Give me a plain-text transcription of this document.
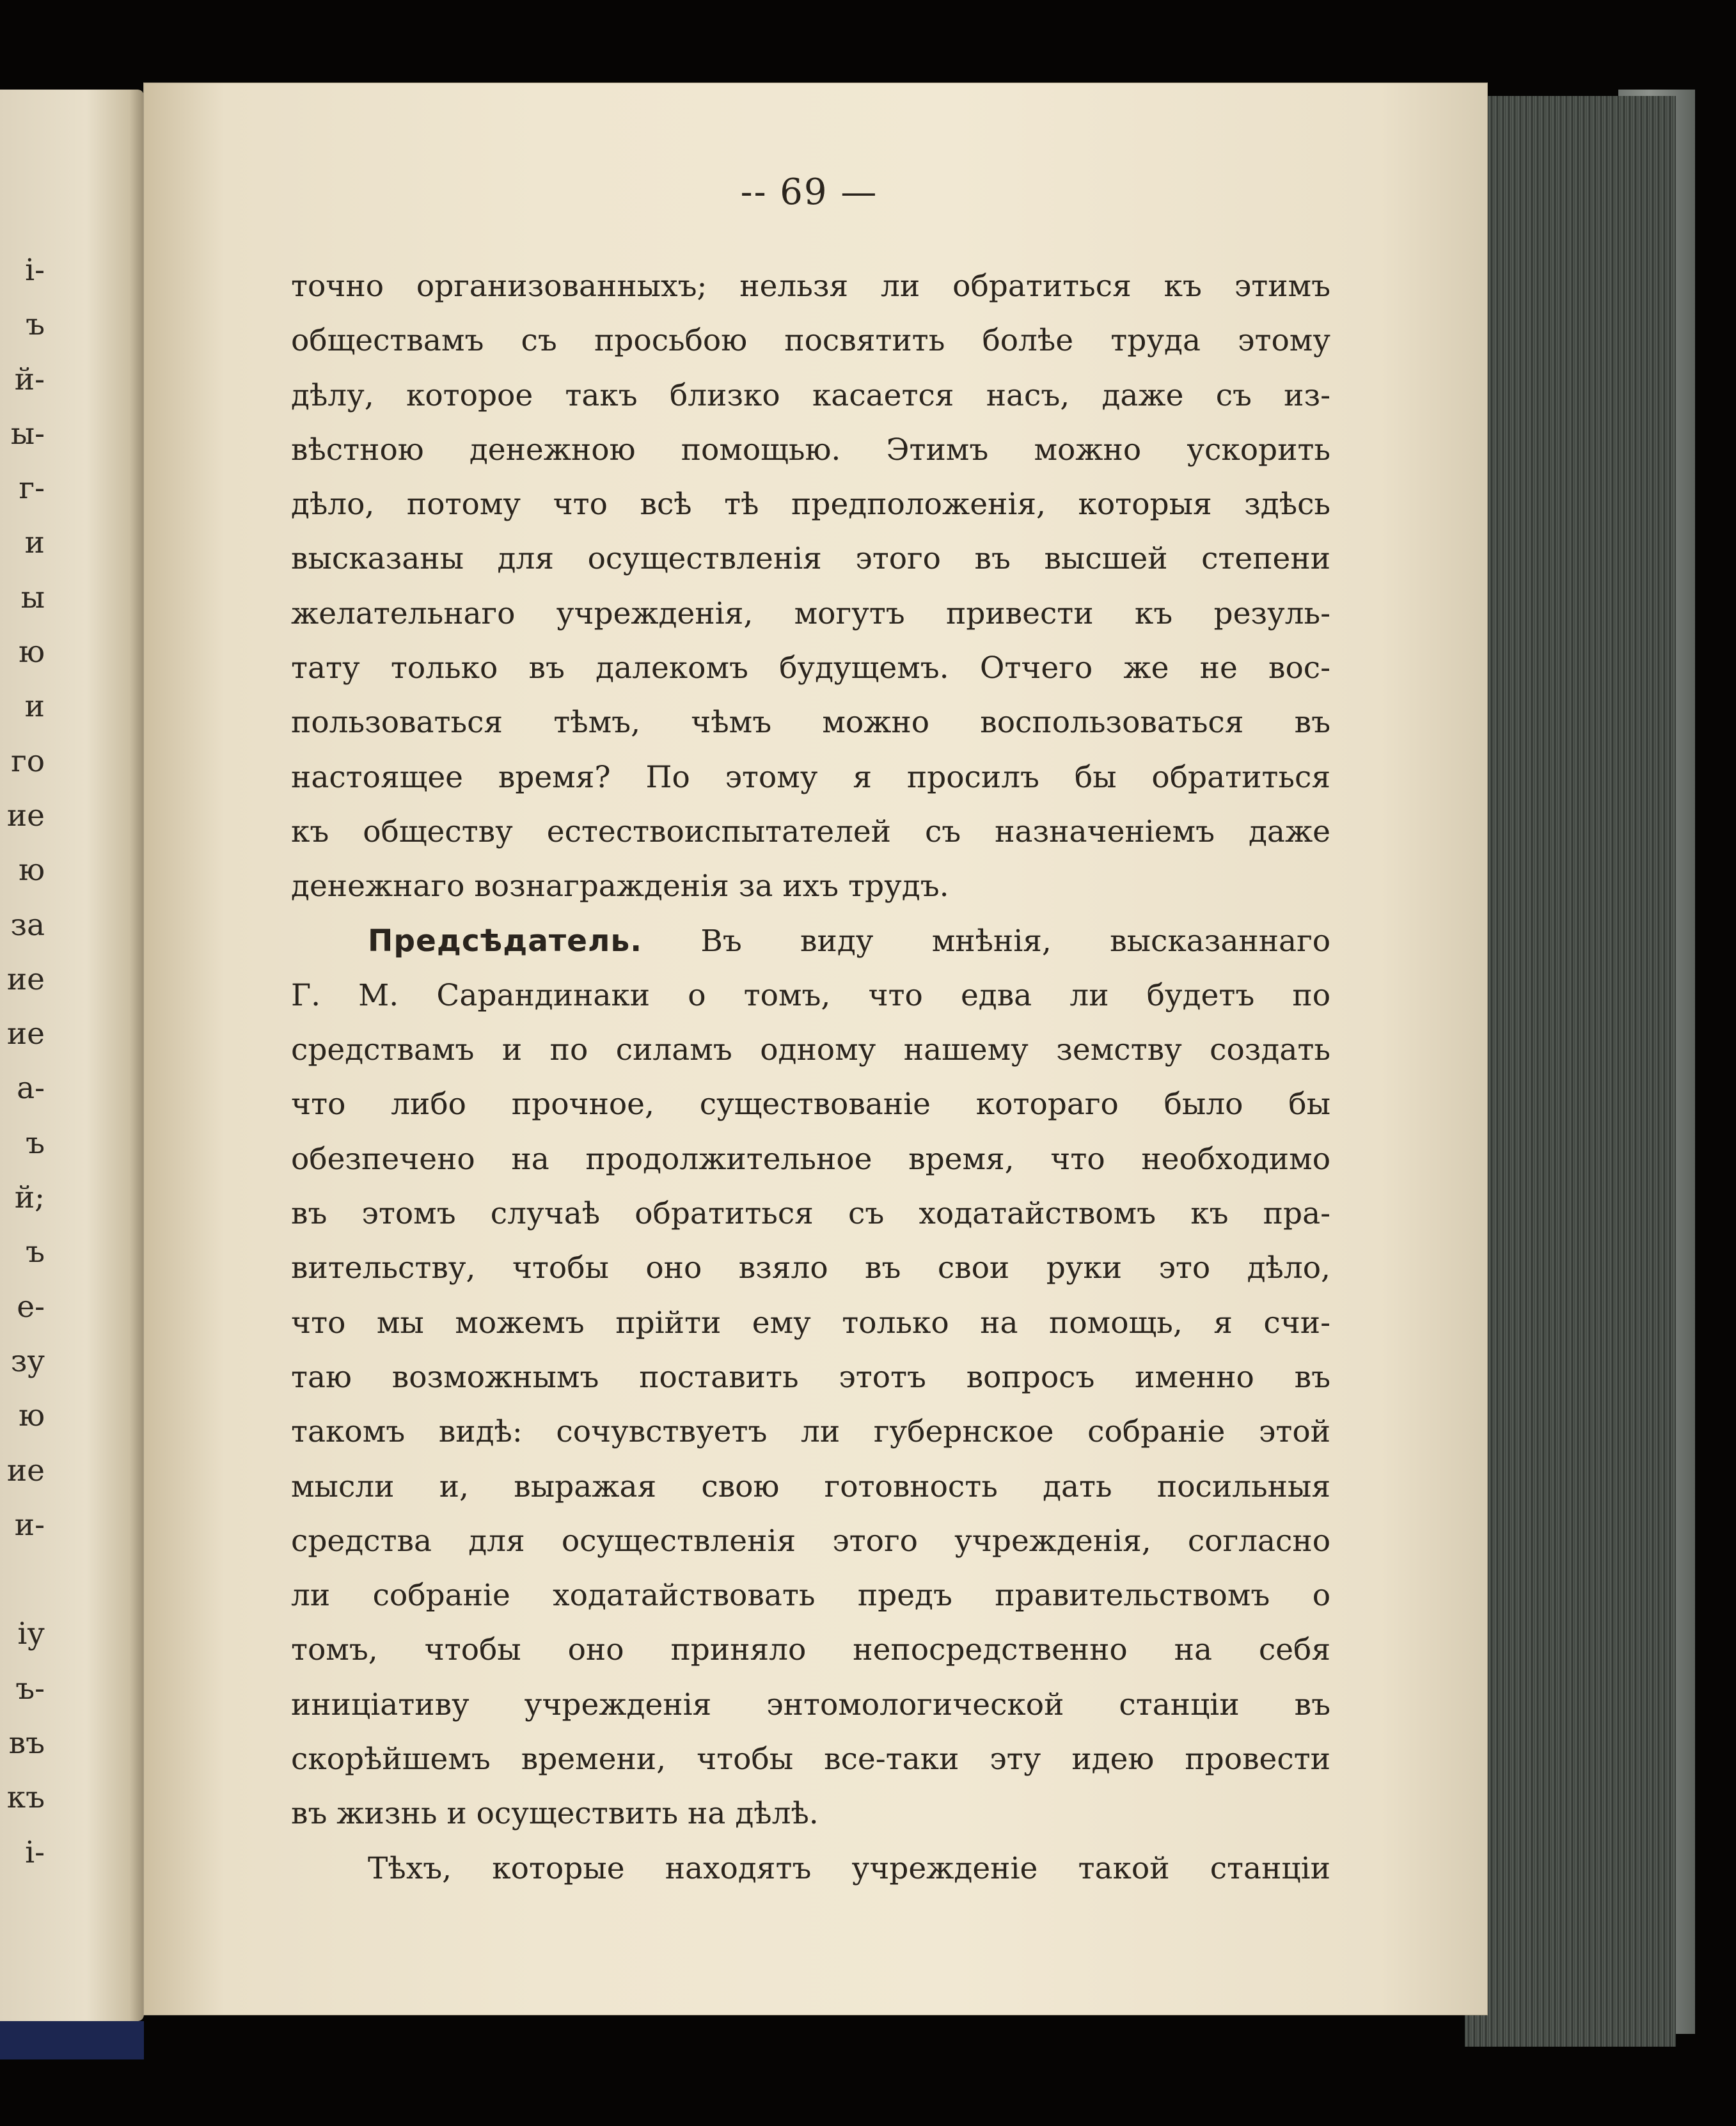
і-
ъ
й-
ы-
г-
и
ы
ю
и
го
ие
ю
за
ие
ие
а-
ъ
й;
ъ
е-
зу
ю
ие
и-
іу
ъ-
въ
къ
і-
-- 69 —
точно организованныхъ; нельзя ли обратиться къ этимъ
обществамъ съ просьбою посвятить болѣе труда этому
дѣлу, которое такъ близко касается насъ, даже съ из-
вѣстною денежною помощью. Этимъ можно ускорить
дѣло, потому что всѣ тѣ предположенія, которыя здѣсь
высказаны для осуществленія этого въ высшей степени
желательнаго учрежденія, могутъ привести къ резуль-
тату только въ далекомъ будущемъ. Отчего же не вос-
пользоваться тѣмъ, чѣмъ можно воспользоваться въ
настоящее время? По этому я просилъ бы обратиться
къ обществу естествоиспытателей съ назначеніемъ даже
денежнаго вознагражденія за ихъ трудъ.
Предсѣдатель. Въ виду мнѣнія, высказаннаго
Г. М. Сарандинаки о томъ, что едва ли будетъ по
средствамъ и по силамъ одному нашему земству создать
что либо прочное, существованіе котораго было бы
обезпечено на продолжительное время, что необходимо
въ этомъ случаѣ обратиться съ ходатайствомъ къ пра-
вительству, чтобы оно взяло въ свои руки это дѣло,
что мы можемъ прійти ему только на помощь, я счи-
таю возможнымъ поставить этотъ вопросъ именно въ
такомъ видѣ: сочувствуетъ ли губернское собраніе этой
мысли и, выражая свою готовность дать посильныя
средства для осуществленія этого учрежденія, согласно
ли собраніе ходатайствовать предъ правительствомъ о
томъ, чтобы оно приняло непосредственно на себя
иниціативу учрежденія энтомологической станціи въ
скорѣйшемъ времени, чтобы все-таки эту идею провести
въ жизнь и осуществить на дѣлѣ.
Тѣхъ, которые находятъ учрежденіе такой станціи
